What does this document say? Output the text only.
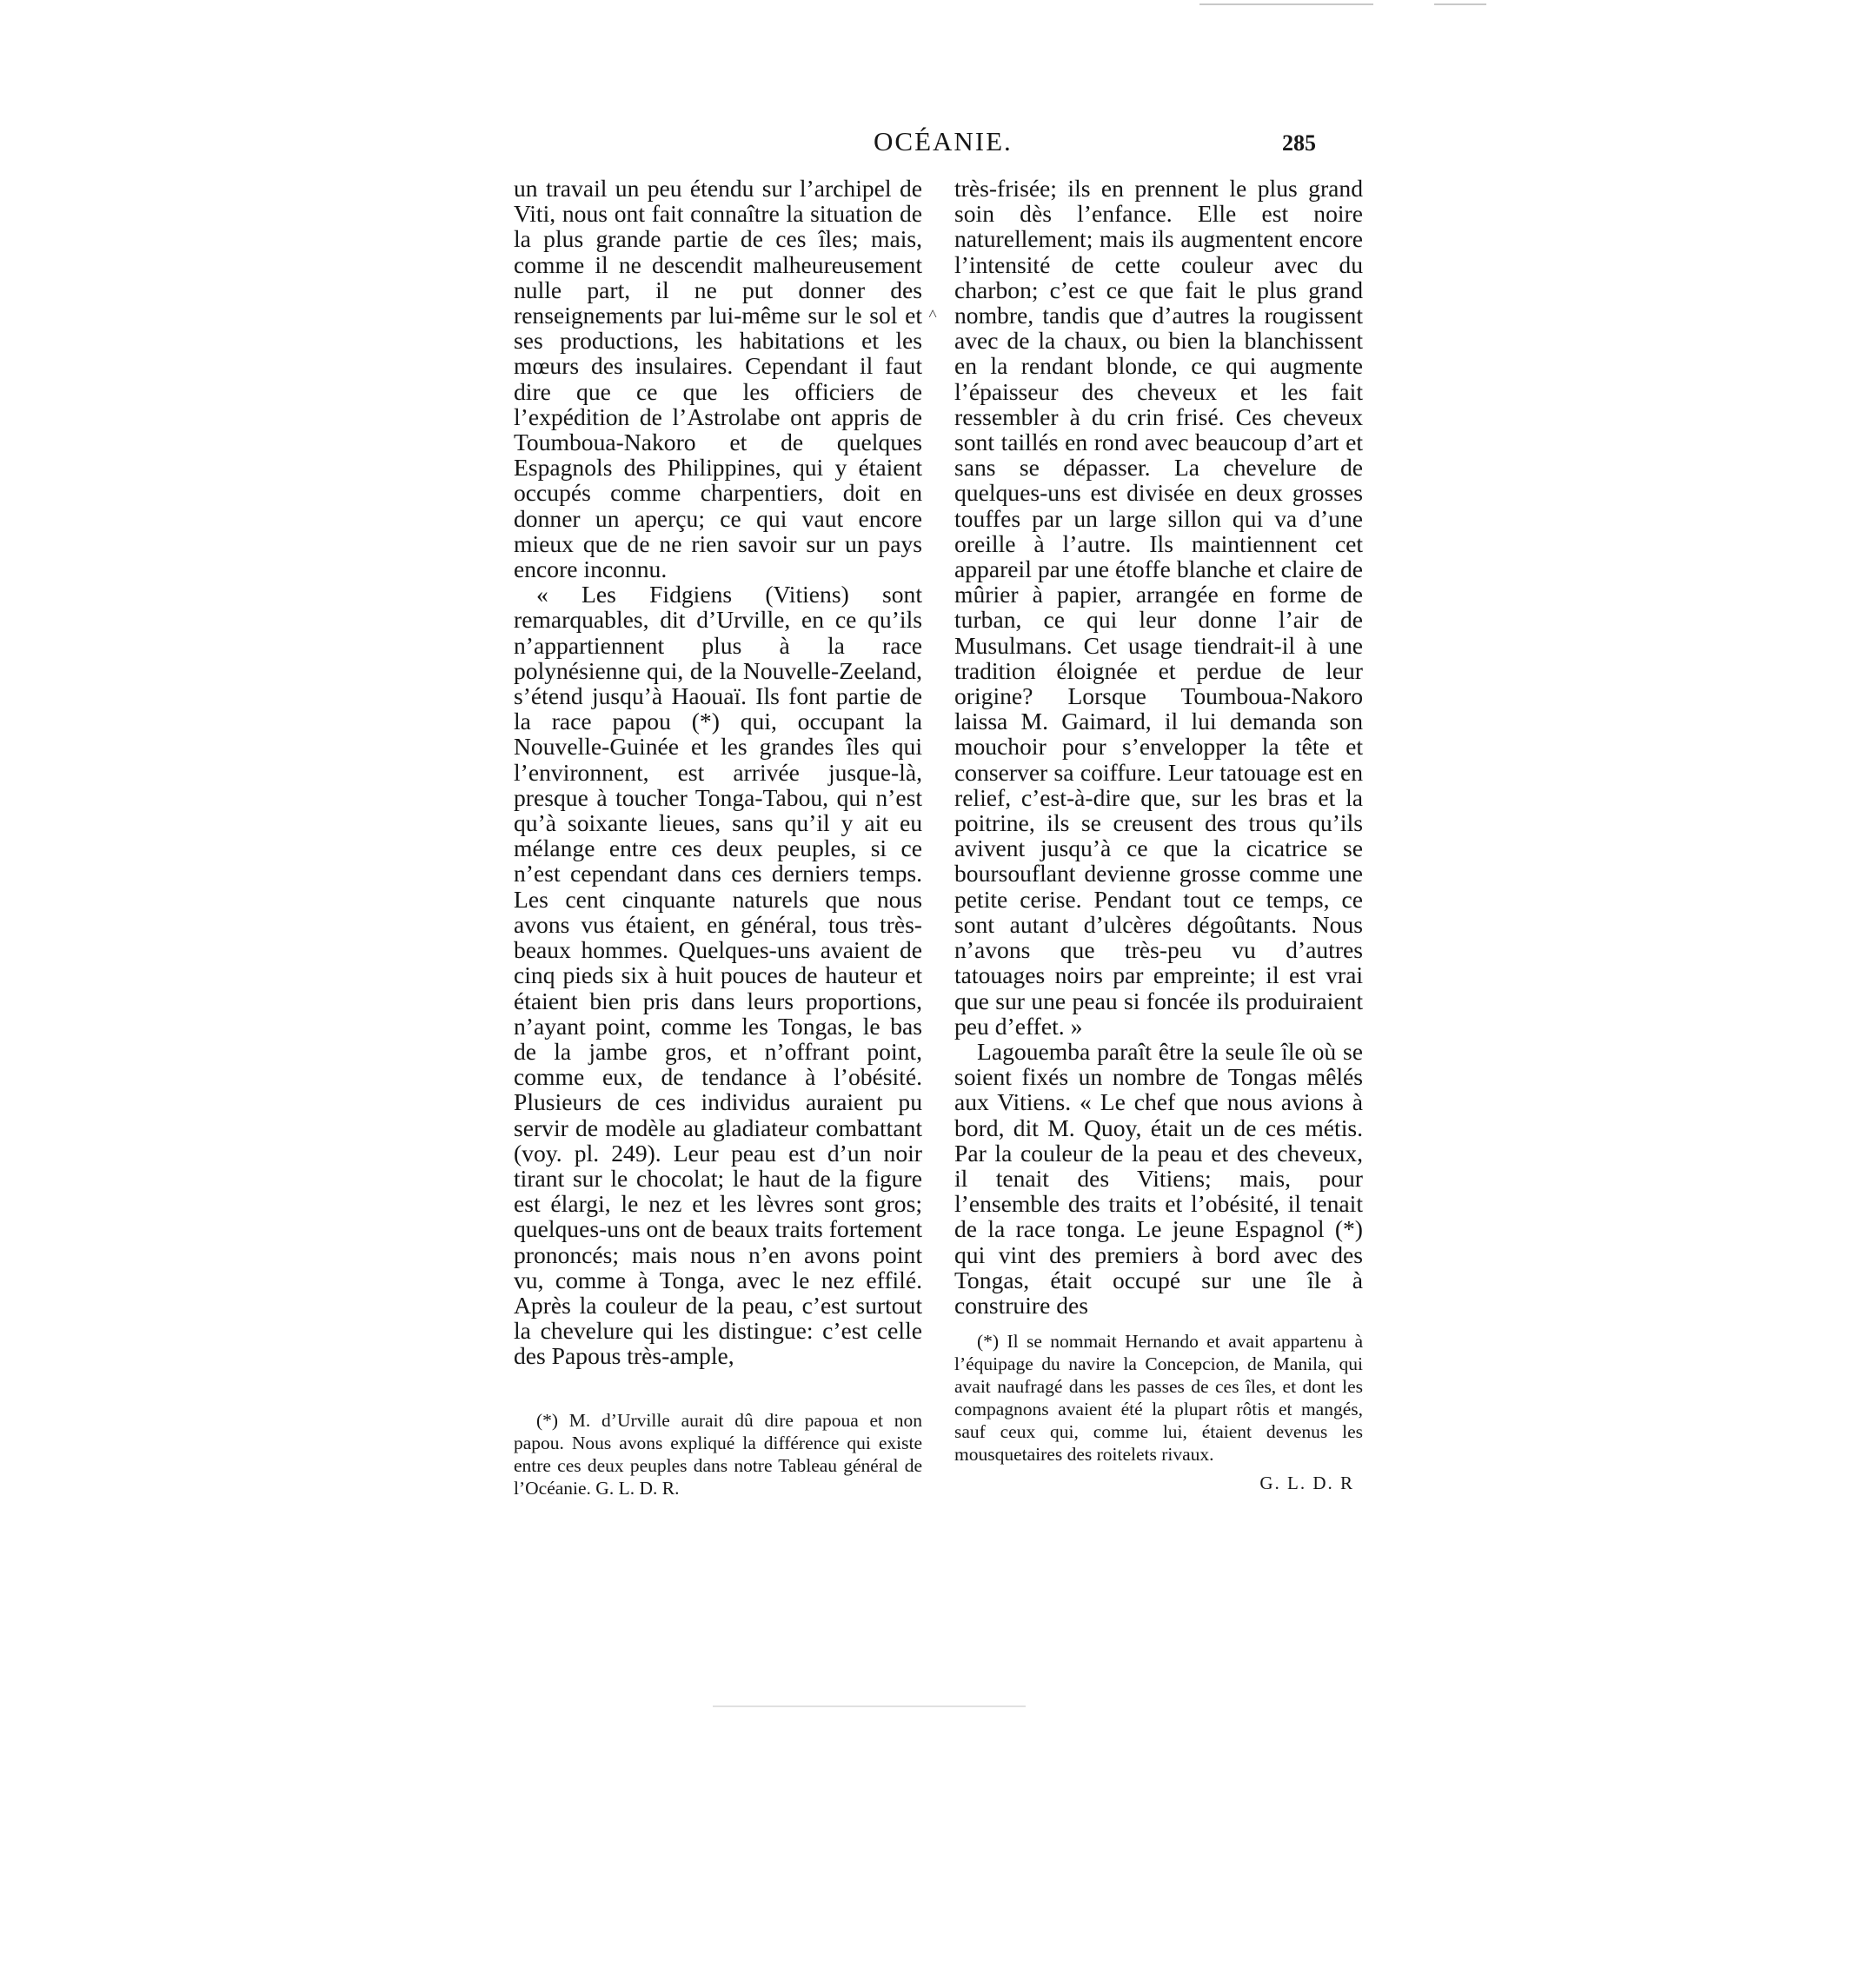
OCÉANIE.	285
˄

un travail un peu étendu sur l’archipel de Viti, nous ont fait connaître la situation de la plus grande partie de ces îles; mais, comme il ne descendit malheureusement nulle part, il ne put donner des renseignements par lui-même sur le sol et ses productions, les habitations et les mœurs des insulaires. Cependant il faut dire que ce que les officiers de l’expédition de l’Astrolabe ont appris de Toumboua-Nakoro et de quelques Espagnols des Philippines, qui y étaient occupés comme charpentiers, doit en donner un aperçu; ce qui vaut encore mieux que de ne rien savoir sur un pays encore inconnu.

« Les Fidgiens (Vitiens) sont remarquables, dit d’Urville, en ce qu’ils n’appartiennent plus à la race polynésienne qui, de la Nouvelle-Zeeland, s’étend jusqu’à Haouaï. Ils font partie de la race papou (*) qui, occupant la Nouvelle-Guinée et les grandes îles qui l’environnent, est arrivée jusque-là, presque à toucher Tonga-Tabou, qui n’est qu’à soixante lieues, sans qu’il y ait eu mélange entre ces deux peuples, si ce n’est cependant dans ces derniers temps. Les cent cinquante naturels que nous avons vus étaient, en général, tous très-beaux hommes. Quelques-uns avaient de cinq pieds six à huit pouces de hauteur et étaient bien pris dans leurs proportions, n’ayant point, comme les Tongas, le bas de la jambe gros, et n’offrant point, comme eux, de tendance à l’obésité. Plusieurs de ces individus auraient pu servir de modèle au gladiateur combattant (voy. pl. 249). Leur peau est d’un noir tirant sur le chocolat; le haut de la figure est élargi, le nez et les lèvres sont gros; quelques-uns ont de beaux traits fortement prononcés; mais nous n’en avons point vu, comme à Tonga, avec le nez effilé. Après la couleur de la peau, c’est surtout la chevelure qui les distingue: c’est celle des Papous très-ample,

(*) M. d’Urville aurait dû dire papoua et non papou. Nous avons expliqué la différence qui existe entre ces deux peuples dans notre Tableau général de l’Océanie. G. L. D. R.

très-frisée; ils en prennent le plus grand soin dès l’enfance. Elle est noire naturellement; mais ils augmentent encore l’intensité de cette couleur avec du charbon; c’est ce que fait le plus grand nombre, tandis que d’autres la rougissent avec de la chaux, ou bien la blanchissent en la rendant blonde, ce qui augmente l’épaisseur des cheveux et les fait ressembler à du crin frisé. Ces cheveux sont taillés en rond avec beaucoup d’art et sans se dépasser. La chevelure de quelques-uns est divisée en deux grosses touffes par un large sillon qui va d’une oreille à l’autre. Ils maintiennent cet appareil par une étoffe blanche et claire de mûrier à papier, arrangée en forme de turban, ce qui leur donne l’air de Musulmans. Cet usage tiendrait-il à une tradition éloignée et perdue de leur origine? Lorsque Toumboua-Nakoro laissa M. Gaimard, il lui demanda son mouchoir pour s’envelopper la tête et conserver sa coiffure. Leur tatouage est en relief, c’est-à-dire que, sur les bras et la poitrine, ils se creusent des trous qu’ils avivent jusqu’à ce que la cicatrice se boursouflant devienne grosse comme une petite cerise. Pendant tout ce temps, ce sont autant d’ulcères dégoûtants. Nous n’avons que très-peu vu d’autres tatouages noirs par empreinte; il est vrai que sur une peau si foncée ils produiraient peu d’effet. »

Lagouemba paraît être la seule île où se soient fixés un nombre de Tongas mêlés aux Vitiens. « Le chef que nous avions à bord, dit M. Quoy, était un de ces métis. Par la couleur de la peau et des cheveux, il tenait des Vitiens; mais, pour l’ensemble des traits et l’obésité, il tenait de la race tonga. Le jeune Espagnol (*) qui vint des premiers à bord avec des Tongas, était occupé sur une île à construire des

(*) Il se nommait Hernando et avait appartenu à l’équipage du navire la Concepcion, de Manila, qui avait naufragé dans les passes de ces îles, et dont les compagnons avaient été la plupart rôtis et mangés, sauf ceux qui, comme lui, étaient devenus les mousquetaires des roitelets rivaux.

G. L. D. R
